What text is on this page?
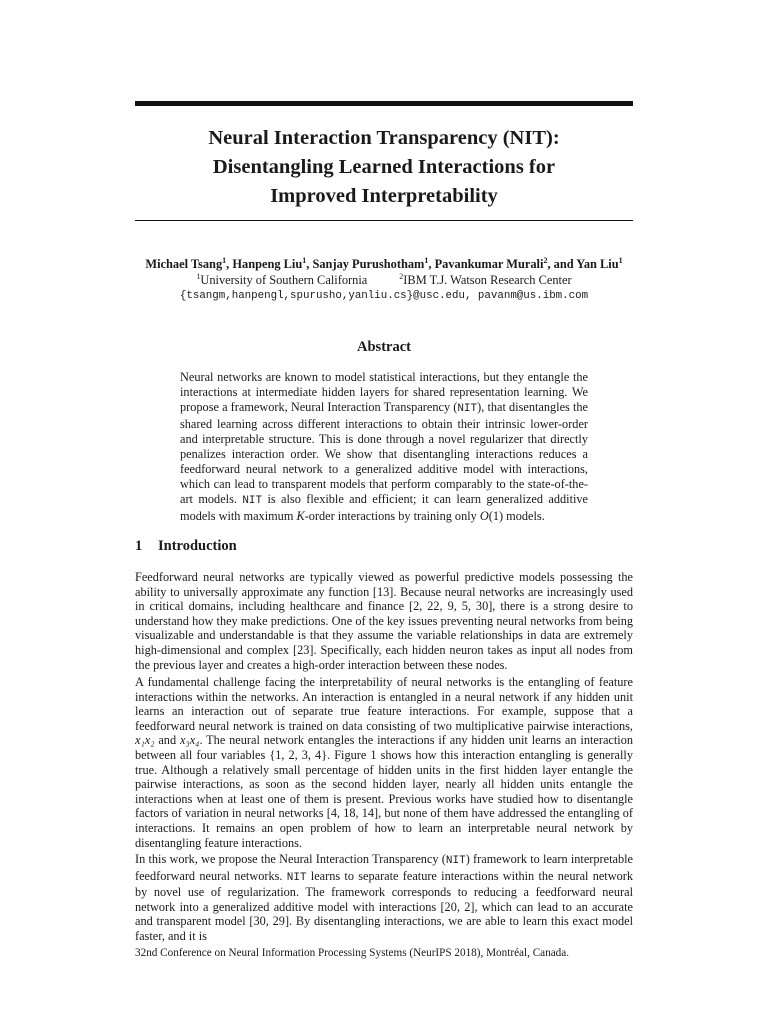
Neural Interaction Transparency (NIT):
Disentangling Learned Interactions for
Improved Interpretability
Michael Tsang$^1$, Hanpeng Liu$^1$, Sanjay Purushotham$^1$, Pavankumar Murali$^2$, and Yan Liu$^1$
$^1$University of Southern California	$^2$IBM T.J. Watson Research Center
{tsangm,hanpengl,spurusho,yanliu.cs}@usc.edu, pavanm@us.ibm.com
Abstract
Neural networks are known to model statistical interactions, but they entangle the interactions at intermediate hidden layers for shared representation learning. We propose a framework, Neural Interaction Transparency (NIT), that disentangles the shared learning across different interactions to obtain their intrinsic lower-order and interpretable structure. This is done through a novel regularizer that directly penalizes interaction order. We show that disentangling interactions reduces a feedforward neural network to a generalized additive model with interactions, which can lead to transparent models that perform comparably to the state-of-the-art models. NIT is also flexible and efficient; it can learn generalized additive models with maximum K-order interactions by training only O(1) models.
1 Introduction
Feedforward neural networks are typically viewed as powerful predictive models possessing the ability to universally approximate any function [13]. Because neural networks are increasingly used in critical domains, including healthcare and finance [2, 22, 9, 5, 30], there is a strong desire to understand how they make predictions. One of the key issues preventing neural networks from being visualizable and understandable is that they assume the variable relationships in data are extremely high-dimensional and complex [23]. Specifically, each hidden neuron takes as input all nodes from the previous layer and creates a high-order interaction between these nodes.
A fundamental challenge facing the interpretability of neural networks is the entangling of feature interactions within the networks. An interaction is entangled in a neural network if any hidden unit learns an interaction out of separate true feature interactions. For example, suppose that a feedforward neural network is trained on data consisting of two multiplicative pairwise interactions, x₁x₂ and x₃x₄. The neural network entangles the interactions if any hidden unit learns an interaction between all four variables {1, 2, 3, 4}. Figure 1 shows how this interaction entangling is generally true. Although a relatively small percentage of hidden units in the first hidden layer entangle the pairwise interactions, as soon as the second hidden layer, nearly all hidden units entangle the interactions when at least one of them is present. Previous works have studied how to disentangle factors of variation in neural networks [4, 18, 14], but none of them have addressed the entangling of interactions. It remains an open problem of how to learn an interpretable neural network by disentangling feature interactions.
In this work, we propose the Neural Interaction Transparency (NIT) framework to learn interpretable feedforward neural networks. NIT learns to separate feature interactions within the neural network by novel use of regularization. The framework corresponds to reducing a feedforward neural network into a generalized additive model with interactions [20, 2], which can lead to an accurate and transparent model [30, 29]. By disentangling interactions, we are able to learn this exact model faster, and it is
32nd Conference on Neural Information Processing Systems (NeurIPS 2018), Montréal, Canada.
